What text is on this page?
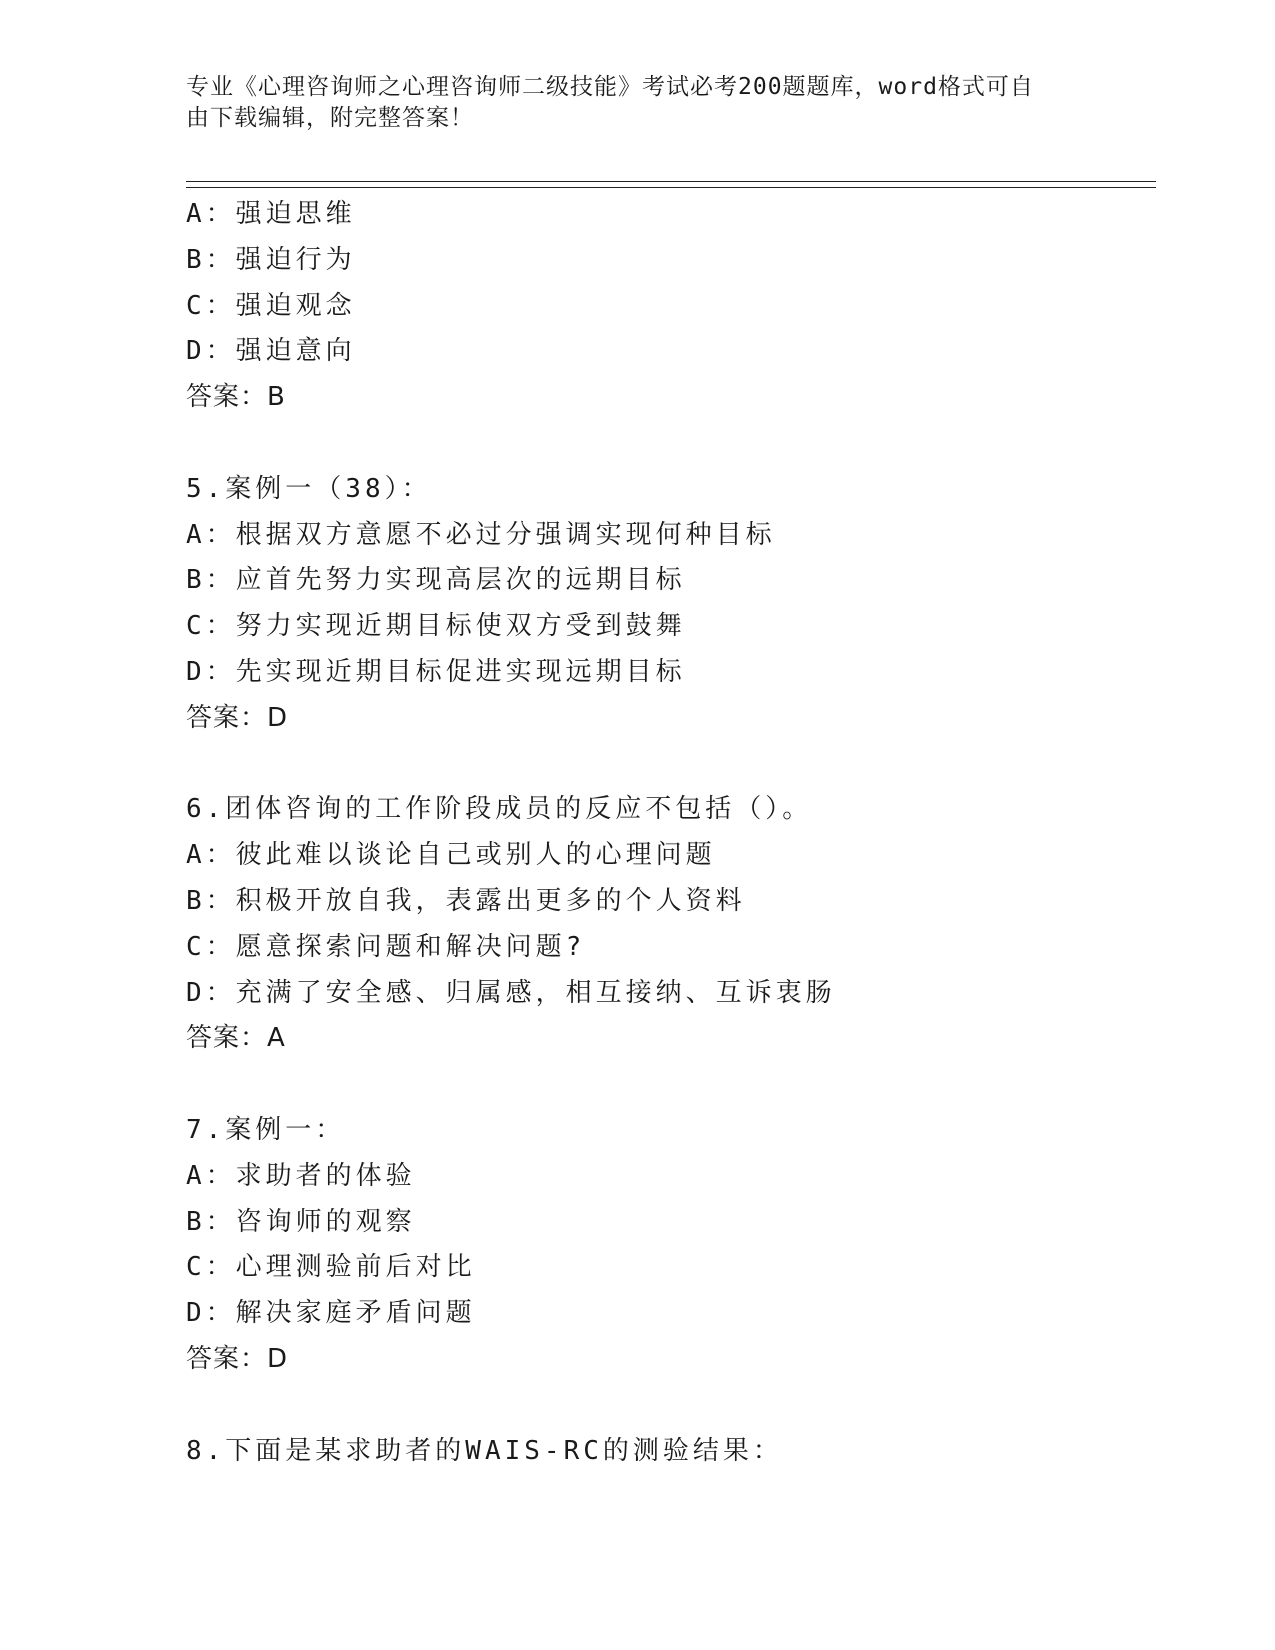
专业《心理咨询师之心理咨询师二级技能》考试必考200题题库，word格式可自
由下载编辑，附完整答案！
A：强迫思维
B：强迫行为
C：强迫观念
D：强迫意向
答案：B
5.案例一（38）：
A：根据双方意愿不必过分强调实现何种目标
B：应首先努力实现高层次的远期目标
C：努力实现近期目标使双方受到鼓舞
D：先实现近期目标促进实现远期目标
答案：D
6.团体咨询的工作阶段成员的反应不包括（）。
A：彼此难以谈论自己或别人的心理问题
B：积极开放自我，表露出更多的个人资料
C：愿意探索问题和解决问题?
D：充满了安全感、归属感，相互接纳、互诉衷肠
答案：A
7.案例一：
A：求助者的体验
B：咨询师的观察
C：心理测验前后对比
D：解决家庭矛盾问题
答案：D
8.下面是某求助者的WAIS-RC的测验结果：
